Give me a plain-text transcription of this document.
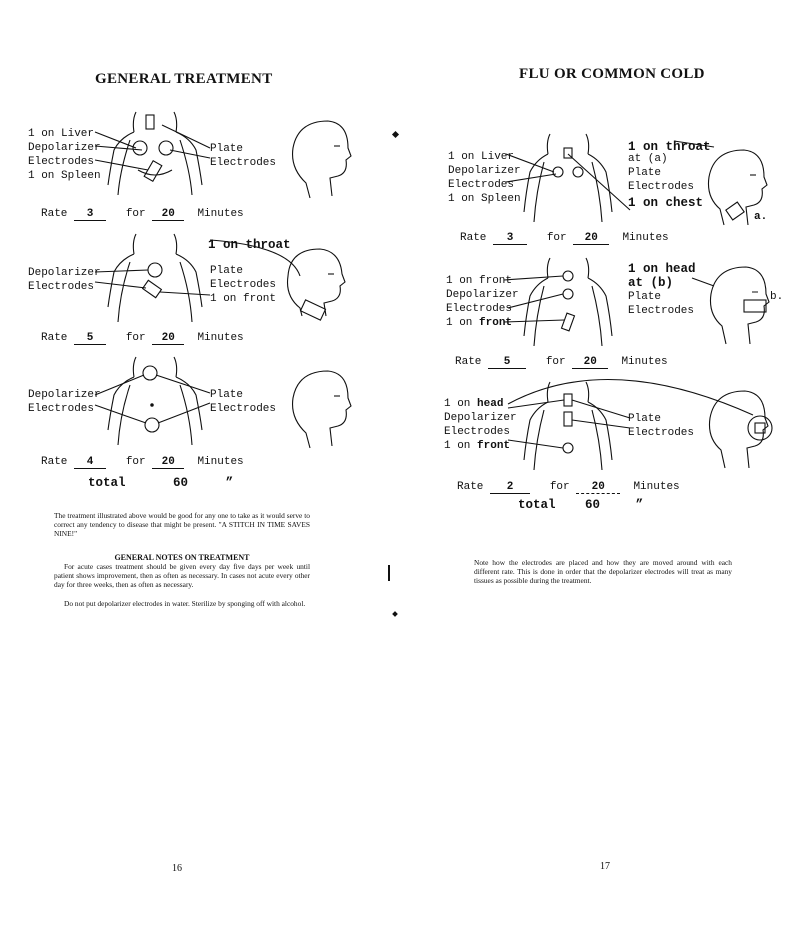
GENERAL TREATMENT
1 on Liver
Depolarizer
Electrodes
1 on Spleen
Plate
Electrodes
Rate 3	for 20 Minutes
1 on throat
Depolarizer
Electrodes
Plate
Electrodes
1 on front
Rate 5	for 20 Minutes
Depolarizer
Electrodes
Plate
Electrodes
Rate 4	for 20 Minutes
total	60	”
The treatment illustrated above would be good for any one to take as it would serve to correct any tendency to disease that might be present. "A STITCH IN TIME SAVES NINE!"
GENERAL NOTES ON TREATMENT
For acute cases treatment should be given every day five days per week until patient shows improvement, then as often as necessary. In cases not acute every other day for three weeks, then as often as necessary.
Do not put depolarizer electrodes in water. Sterilize by sponging off with alcohol.
16
FLU OR COMMON COLD
1 on Liver
Depolarizer
Electrodes
1 on Spleen
1 on throat
at (a)
Plate
Electrodes
1 on chest
a.
Rate 3	for 20 Minutes
1 on front
Depolarizer
Electrodes
1 on front
1 on head
at (b)
Plate
Electrodes
b.
Rate 5	for 20 Minutes
1 on head
Depolarizer
Electrodes
1 on front
Plate
Electrodes
Rate 2	for 20	Minutes
total 60	”
Note how the electrodes are placed and how they are moved around with each different rate. This is done in order that the depolarizer electrodes will treat as many tissues as possible during the treatment.
17
